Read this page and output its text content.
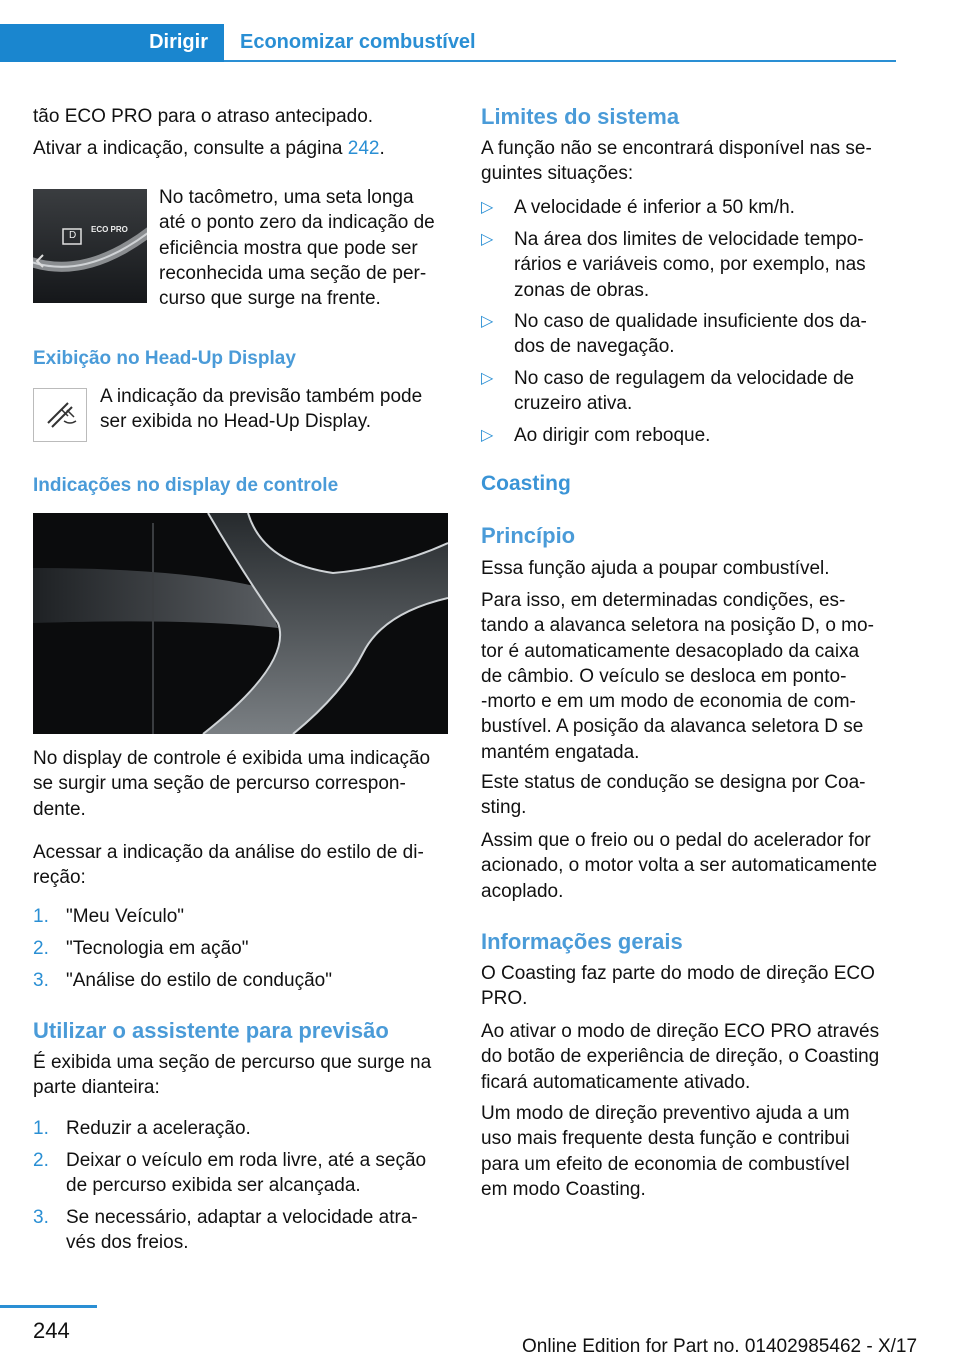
Dirigir	Economizar combustível
tão ECO PRO para o atraso antecipado.
Ativar a indicação, consulte a página 242.
D
ECO PRO
No tacômetro, uma seta longa
até o ponto zero da indicação de
eficiência mostra que pode ser
reconhecida uma seção de per-
curso que surge na frente.
Exibição no Head-Up Display
A indicação da previsão também pode
ser exibida no Head-Up Display.
Indicações no display de controle
No display de controle é exibida uma indicação
se surgir uma seção de percurso correspon-
dente.
Acessar a indicação da análise do estilo de di-
reção:
1. "Meu Veículo"
2. "Tecnologia em ação"
3. "Análise do estilo de condução"
Utilizar o assistente para previsão
É exibida uma seção de percurso que surge na
parte dianteira:
1. Reduzir a aceleração.
2. Deixar o veículo em roda livre, até a seção
de percurso exibida ser alcançada.
3. Se necessário, adaptar a velocidade atra-
vés dos freios.
Limites do sistema
A função não se encontrará disponível nas se-
guintes situações:
▷	A velocidade é inferior a 50 km/h.
▷	Na área dos limites de velocidade tempo-
rários e variáveis como, por exemplo, nas
zonas de obras.
▷	No caso de qualidade insuficiente dos da-
dos de navegação.
▷	No caso de regulagem da velocidade de
cruzeiro ativa.
▷	Ao dirigir com reboque.
Coasting
Princípio
Essa função ajuda a poupar combustível.
Para isso, em determinadas condições, es-
tando a alavanca seletora na posição D, o mo-
tor é automaticamente desacoplado da caixa
de câmbio. O veículo se desloca em ponto-
-morto e em um modo de economia de com-
bustível. A posição da alavanca seletora D se
mantém engatada.
Este status de condução se designa por Coa-
sting.
Assim que o freio ou o pedal do acelerador for
acionado, o motor volta a ser automaticamente
acoplado.
Informações gerais
O Coasting faz parte do modo de direção ECO
PRO.
Ao ativar o modo de direção ECO PRO através
do botão de experiência de direção, o Coasting
ficará automaticamente ativado.
Um modo de direção preventivo ajuda a um
uso mais frequente desta função e contribui
para um efeito de economia de combustível
em modo Coasting.
244
Online Edition for Part no. 01402985462 - X/17
